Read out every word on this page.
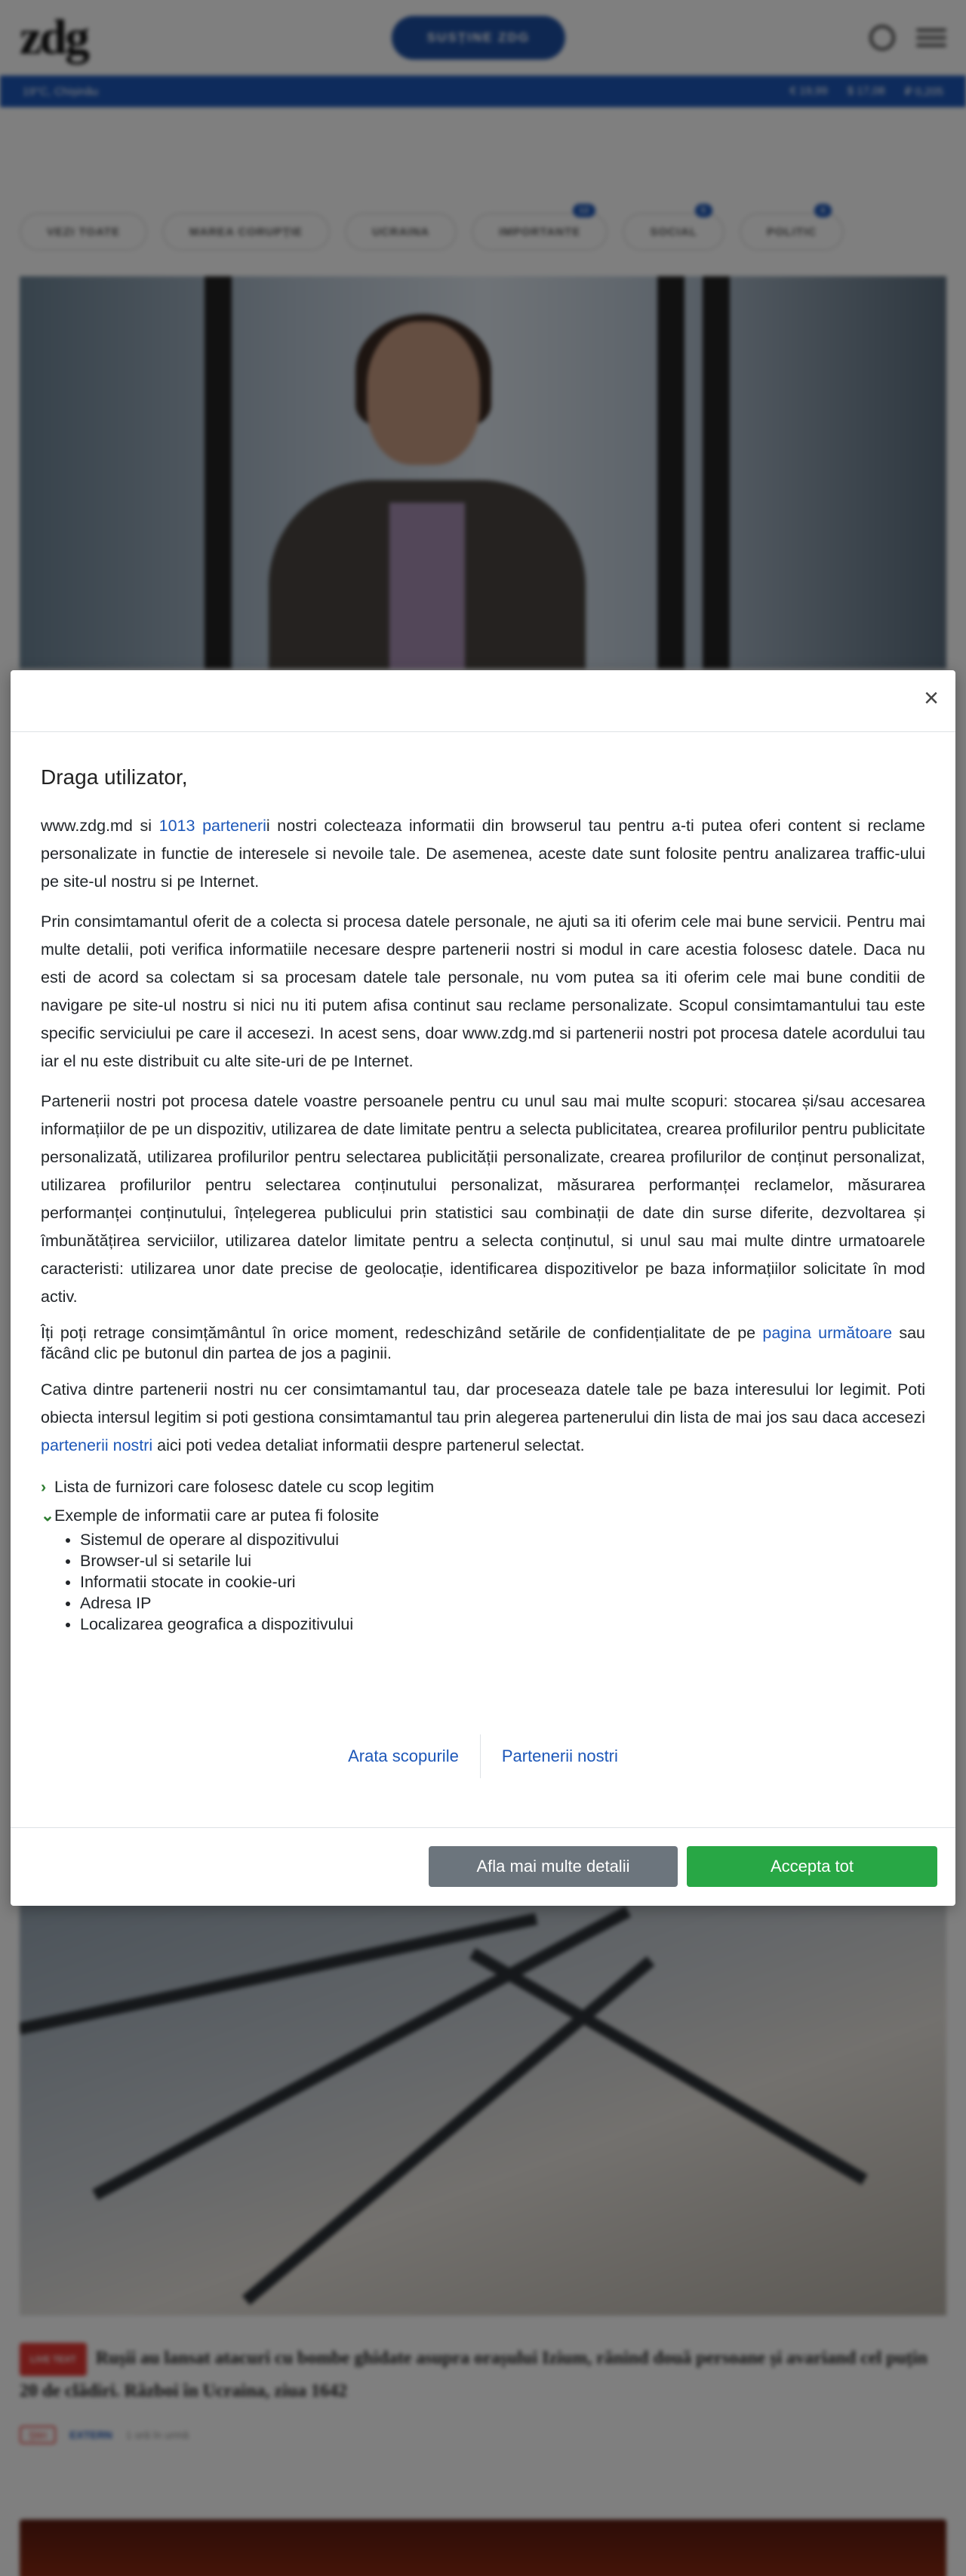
×
Draga utilizator,

www.zdg.md si 1013 partenerii nostri colecteaza informatii din browserul tau pentru a-ti putea oferi content si reclame personalizate in functie de interesele si nevoile tale. De asemenea, aceste date sunt folosite pentru analizarea traffic-ului pe site-ul nostru si pe Internet.

Prin consimtamantul oferit de a colecta si procesa datele personale, ne ajuti sa iti oferim cele mai bune servicii. Pentru mai multe detalii, poti verifica informatiile necesare despre partenerii nostri si modul in care acestia folosesc datele. Daca nu esti de acord sa colectam si sa procesam datele tale personale, nu vom putea sa iti oferim cele mai bune conditii de navigare pe site-ul nostru si nici nu iti putem afisa continut sau reclame personalizate. Scopul consimtamantului tau este specific serviciului pe care il accesezi. In acest sens, doar www.zdg.md si partenerii nostri pot procesa datele acordului tau iar el nu este distribuit cu alte site-uri de pe Internet.

Partenerii nostri pot procesa datele voastre persoanele pentru cu unul sau mai multe scopuri: stocarea și/sau accesarea informațiilor de pe un dispozitiv, utilizarea de date limitate pentru a selecta publicitatea, crearea profilurilor pentru publicitate personalizată, utilizarea profilurilor pentru selectarea publicității personalizate, crearea profilurilor de conținut personalizat, utilizarea profilurilor pentru selectarea conținutului personalizat, măsurarea performanței reclamelor, măsurarea performanței conținutului, înțelegerea publicului prin statistici sau combinații de date din surse diferite, dezvoltarea și îmbunătățirea serviciilor, utilizarea datelor limitate pentru a selecta conținutul, si unul sau mai multe dintre urmatoarele caracteristi: utilizarea unor date precise de geolocație, identificarea dispozitivelor pe baza informațiilor solicitate în mod activ.

Îți poți retrage consimțământul în orice moment, redeschizând setările de confidențialitate de pe pagina următoare sau făcând clic pe butonul din partea de jos a paginii.

Cativa dintre partenerii nostri nu cer consimtamantul tau, dar proceseaza datele tale pe baza interesului lor legimit. Poti obiecta intersul legitim si poti gestiona consimtamantul tau prin alegerea partenerului din lista de mai jos sau daca accesezi partenerii nostri aici poti vedea detaliat informatii despre partenerul selectat.

› Lista de furnizori care folosesc datele cu scop legitim
⌄Exemple de informatii care ar putea fi folosite
• Sistemul de operare al dispozitivului
• Browser-ul si setarile lui
• Informatii stocate in cookie-uri
• Adresa IP
• Localizarea geografica a dispozitivului
Arata scopurile	Partenerii nostri
Afla mai multe detalii	Accepta tot
